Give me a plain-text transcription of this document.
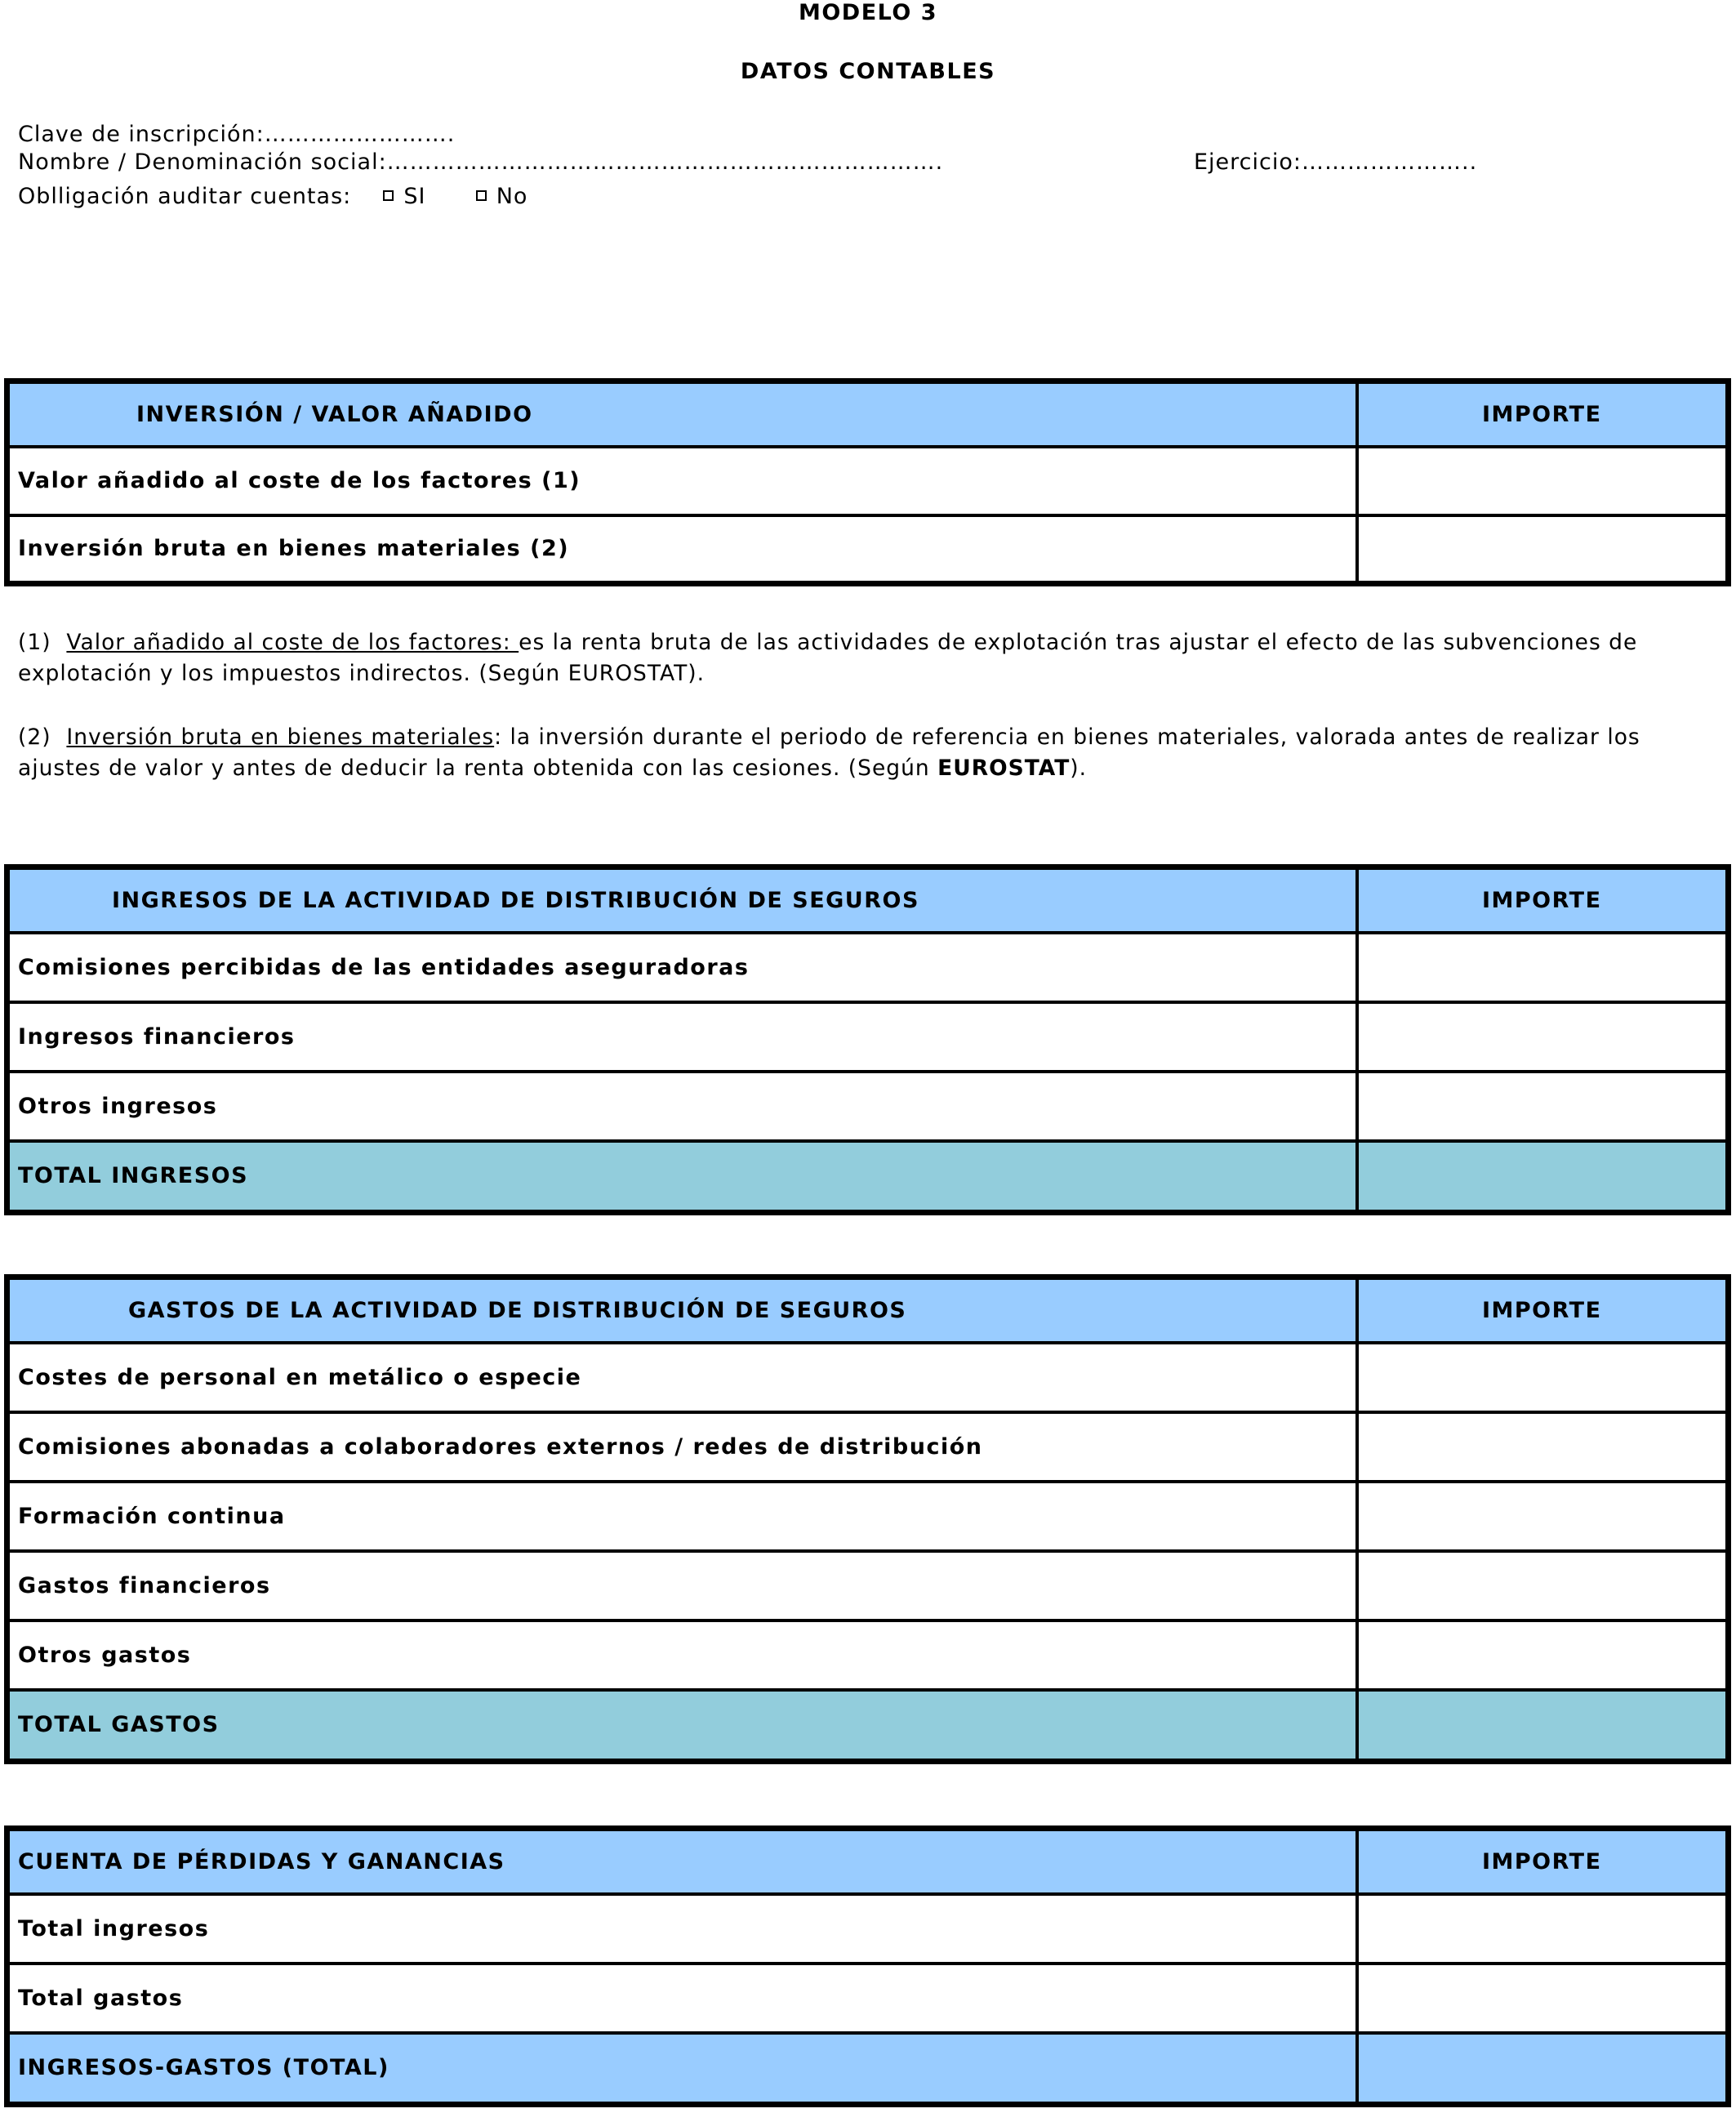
MODELO 3
DATOS CONTABLES
Clave de inscripción:…………………….
Nombre / Denominación social:……………………………………………………………….	Ejercicio:…………………..
Oblligación auditar cuentas: SI	No
INVERSIÓN / VALOR AÑADIDO	IMPORTE
Valor añadido al coste de los factores (1)	
Inversión bruta en bienes materiales (2)	
(1) Valor añadido al coste de los factores: es la renta bruta de las actividades de explotación tras ajustar el efecto de las subvenciones de explotación y los impuestos indirectos. (Según EUROSTAT).
(2)  Inversión bruta en bienes materiales: la inversión durante el periodo de referencia en bienes materiales, valorada antes de realizar los ajustes de valor y antes de deducir la renta obtenida con las cesiones. (Según EUROSTAT).
INGRESOS DE LA ACTIVIDAD DE DISTRIBUCIÓN DE SEGUROS	IMPORTE
Comisiones percibidas de las entidades aseguradoras	
Ingresos financieros	
Otros ingresos	
TOTAL INGRESOS	
GASTOS DE LA ACTIVIDAD DE DISTRIBUCIÓN DE SEGUROS	IMPORTE
Costes de personal en metálico o especie	
Comisiones abonadas a colaboradores externos / redes de distribución	
Formación continua	
Gastos financieros	
Otros gastos	
TOTAL GASTOS	
CUENTA DE PÉRDIDAS Y GANANCIAS	IMPORTE
Total ingresos	
Total gastos	
INGRESOS-GASTOS (TOTAL)	
